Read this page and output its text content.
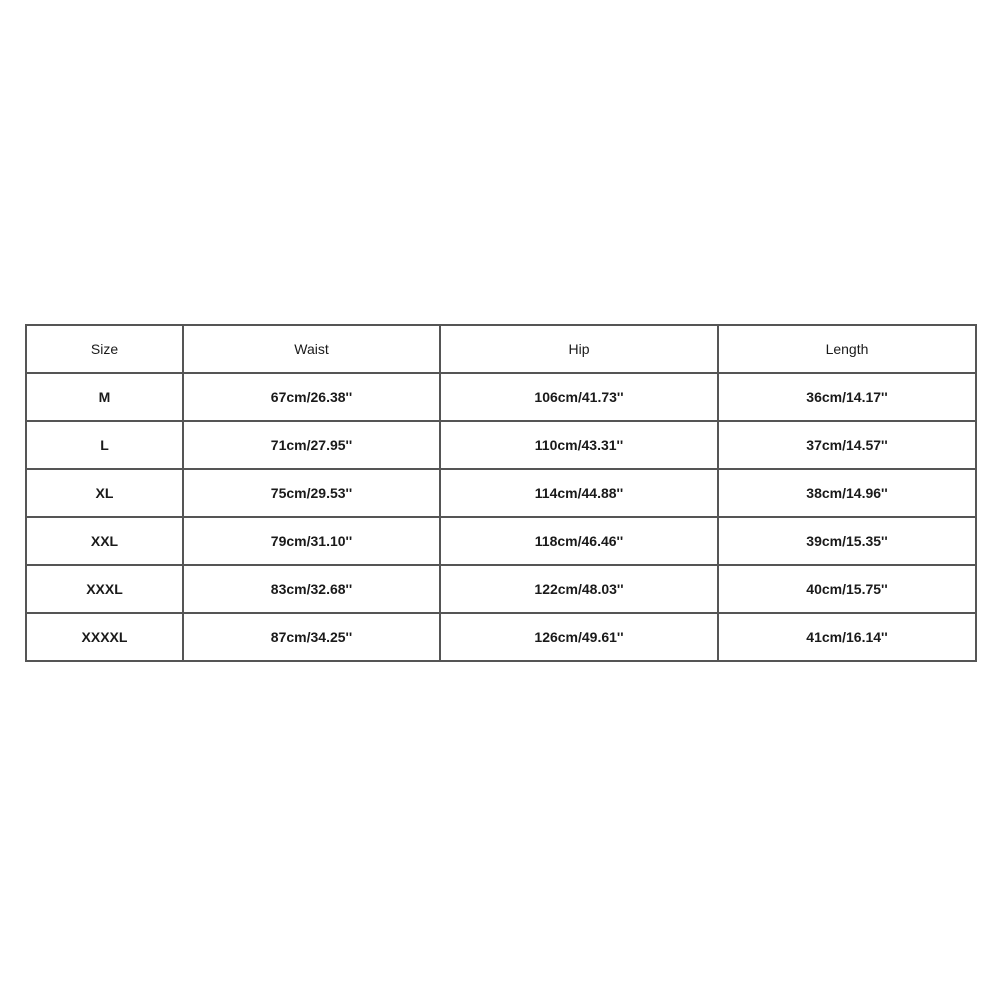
Size	Waist	Hip	Length
M	67cm/26.38''	106cm/41.73''	36cm/14.17''
L	71cm/27.95''	110cm/43.31''	37cm/14.57''
XL	75cm/29.53''	114cm/44.88''	38cm/14.96''
XXL	79cm/31.10''	118cm/46.46''	39cm/15.35''
XXXL	83cm/32.68''	122cm/48.03''	40cm/15.75''
XXXXL	87cm/34.25''	126cm/49.61''	41cm/16.14''
